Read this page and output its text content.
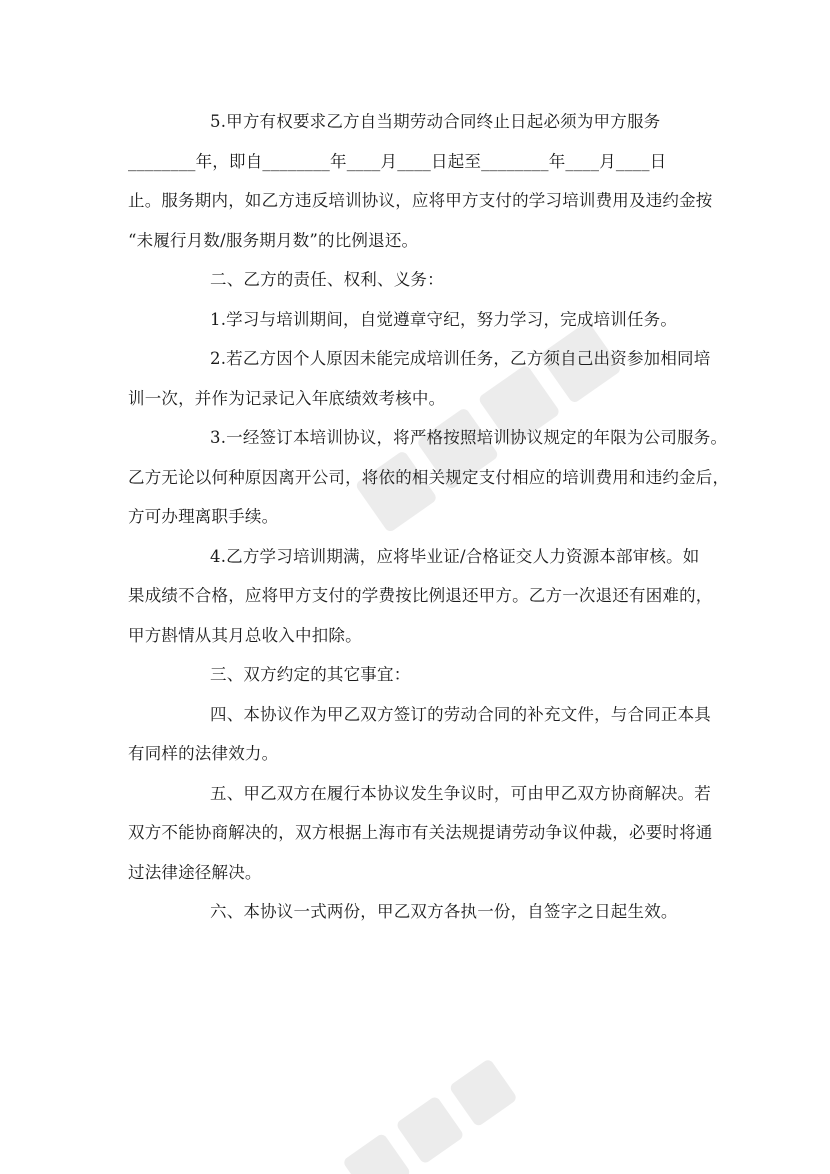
5.甲方有权要求乙方自当期劳动合同终止日起必须为甲方服务
________年，即自________年____月____日起至________年____月____日
止。服务期内，如乙方违反培训协议，应将甲方支付的学习培训费用及违约金按
“未履行月数/服务期月数”的比例退还。
二、乙方的责任、权利、义务：
1.学习与培训期间，自觉遵章守纪，努力学习，完成培训任务。
2.若乙方因个人原因未能完成培训任务，乙方须自己出资参加相同培
训一次，并作为记录记入年底绩效考核中。
3.一经签订本培训协议，将严格按照培训协议规定的年限为公司服务。
乙方无论以何种原因离开公司，将依的相关规定支付相应的培训费用和违约金后，
方可办理离职手续。
4.乙方学习培训期满，应将毕业证/合格证交人力资源本部审核。如
果成绩不合格，应将甲方支付的学费按比例退还甲方。乙方一次退还有困难的，
甲方斟情从其月总收入中扣除。
三、双方约定的其它事宜：
四、本协议作为甲乙双方签订的劳动合同的补充文件，与合同正本具
有同样的法律效力。
五、甲乙双方在履行本协议发生争议时，可由甲乙双方协商解决。若
双方不能协商解决的，双方根据上海市有关法规提请劳动争议仲裁，必要时将通
过法律途径解决。
六、本协议一式两份，甲乙双方各执一份，自签字之日起生效。
